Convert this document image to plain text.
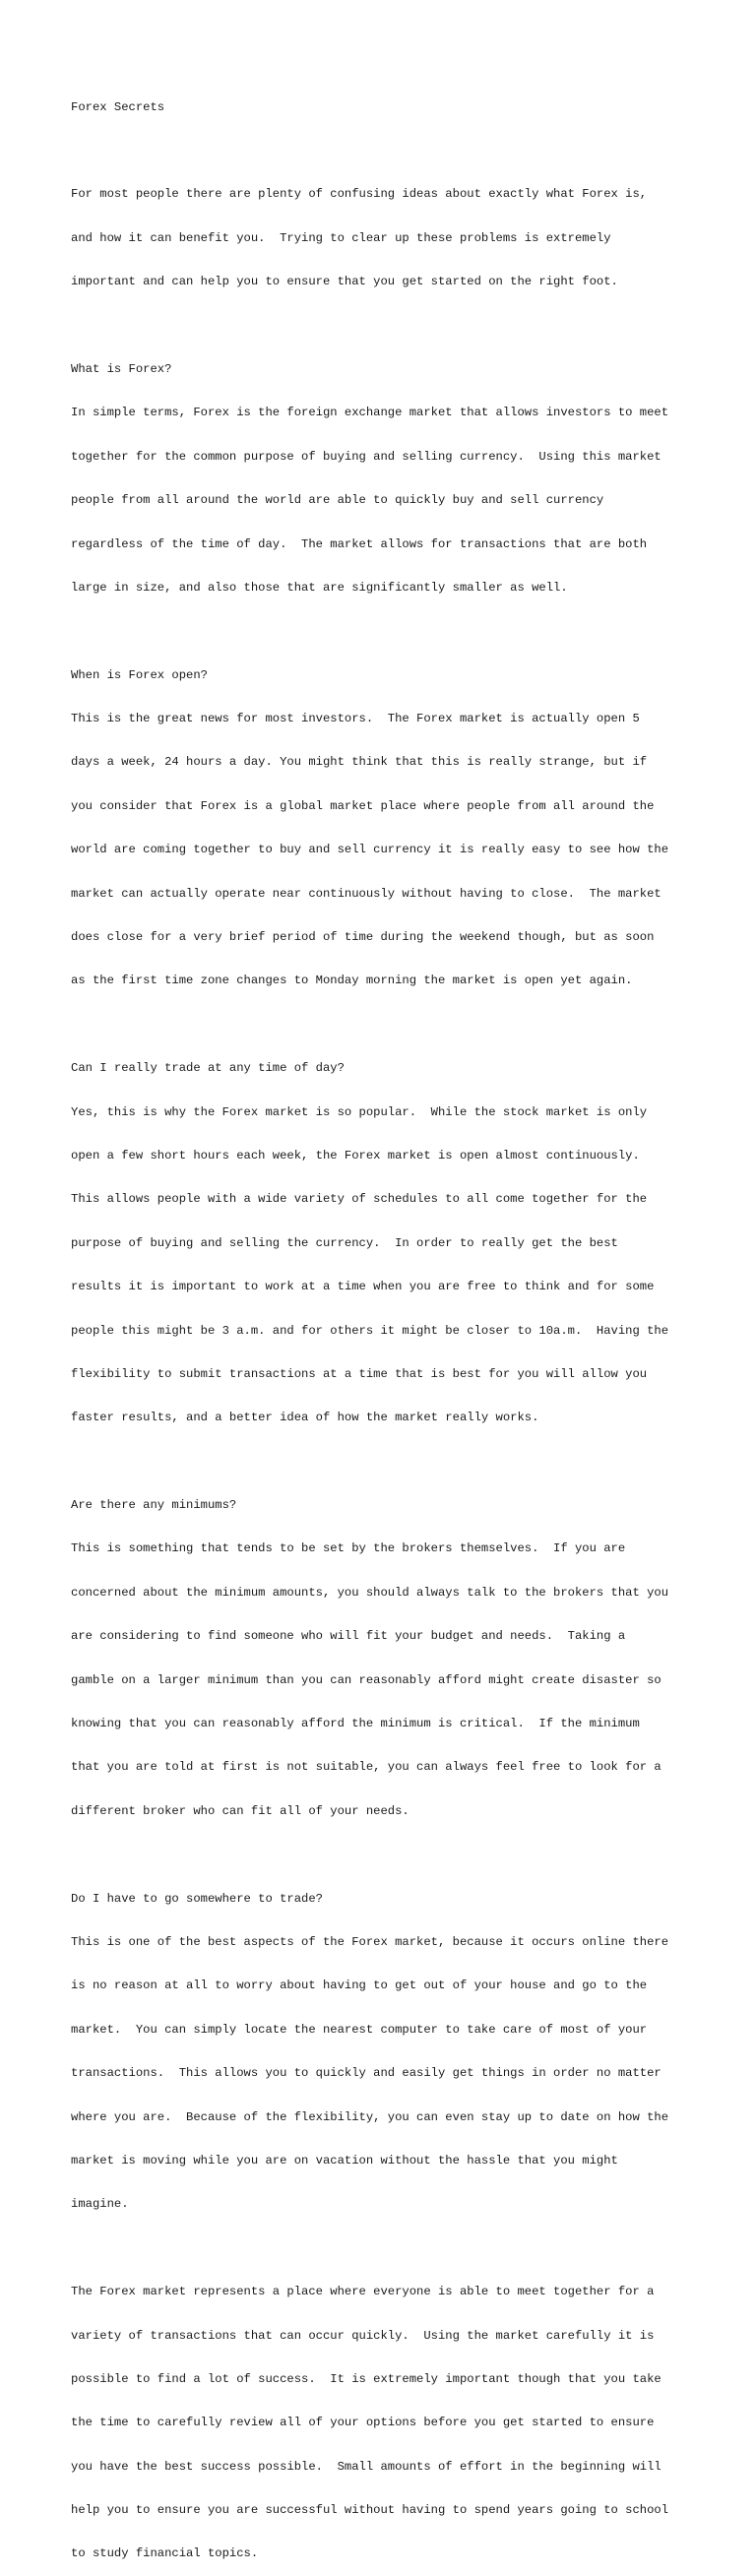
Forex Secrets

For most people there are plenty of confusing ideas about exactly what Forex is,

and how it can benefit you.  Trying to clear up these problems is extremely

important and can help you to ensure that you get started on the right foot.

What is Forex?

In simple terms, Forex is the foreign exchange market that allows investors to meet

together for the common purpose of buying and selling currency.  Using this market

people from all around the world are able to quickly buy and sell currency

regardless of the time of day.  The market allows for transactions that are both

large in size, and also those that are significantly smaller as well.

When is Forex open?

This is the great news for most investors.  The Forex market is actually open 5

days a week, 24 hours a day. You might think that this is really strange, but if

you consider that Forex is a global market place where people from all around the

world are coming together to buy and sell currency it is really easy to see how the

market can actually operate near continuously without having to close.  The market

does close for a very brief period of time during the weekend though, but as soon

as the first time zone changes to Monday morning the market is open yet again.

Can I really trade at any time of day?

Yes, this is why the Forex market is so popular.  While the stock market is only

open a few short hours each week, the Forex market is open almost continuously.

This allows people with a wide variety of schedules to all come together for the

purpose of buying and selling the currency.  In order to really get the best

results it is important to work at a time when you are free to think and for some

people this might be 3 a.m. and for others it might be closer to 10a.m.  Having the

flexibility to submit transactions at a time that is best for you will allow you

faster results, and a better idea of how the market really works.

Are there any minimums?

This is something that tends to be set by the brokers themselves.  If you are

concerned about the minimum amounts, you should always talk to the brokers that you

are considering to find someone who will fit your budget and needs.  Taking a

gamble on a larger minimum than you can reasonably afford might create disaster so

knowing that you can reasonably afford the minimum is critical.  If the minimum

that you are told at first is not suitable, you can always feel free to look for a

different broker who can fit all of your needs.

Do I have to go somewhere to trade?

This is one of the best aspects of the Forex market, because it occurs online there

is no reason at all to worry about having to get out of your house and go to the

market.  You can simply locate the nearest computer to take care of most of your

transactions.  This allows you to quickly and easily get things in order no matter

where you are.  Because of the flexibility, you can even stay up to date on how the

market is moving while you are on vacation without the hassle that you might

imagine.

The Forex market represents a place where everyone is able to meet together for a

variety of transactions that can occur quickly.  Using the market carefully it is

possible to find a lot of success.  It is extremely important though that you take

the time to carefully review all of your options before you get started to ensure

you have the best success possible.  Small amounts of effort in the beginning will

help you to ensure you are successful without having to spend years going to school

to study financial topics.
